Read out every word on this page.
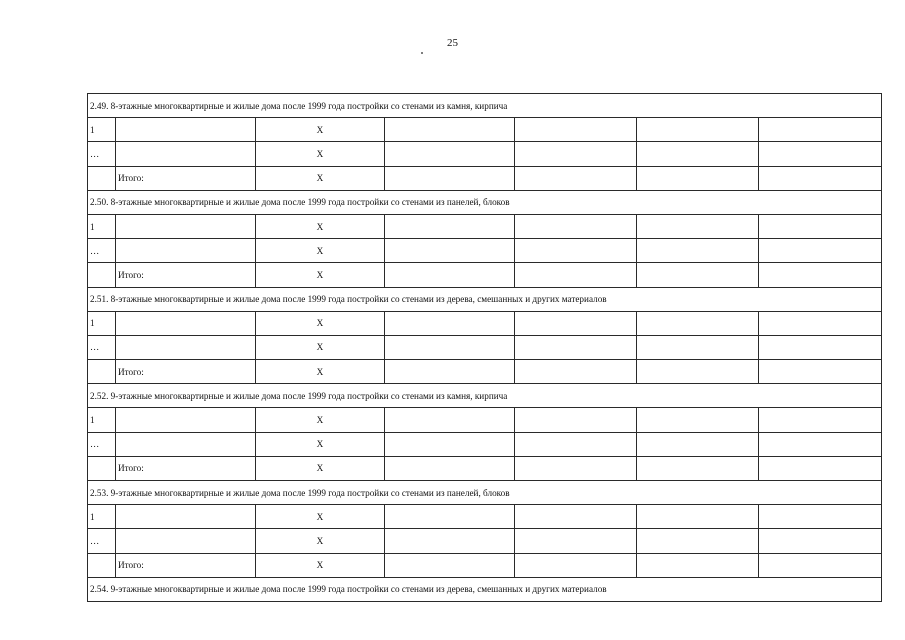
25
2.49. 8-этажные многоквартирные и жилые дома после 1999 года постройки со стенами из камня, кирпича						
1		X				
…		X				
	Итого:	X				
2.50. 8-этажные многоквартирные и жилые дома после 1999 года постройки со стенами из панелей, блоков						
1		X				
…		X				
	Итого:	X				
2.51. 8-этажные многоквартирные и жилые дома после 1999 года постройки со стенами из дерева, смешанных и других материалов						
1		X				
…		X				
	Итого:	X				
2.52. 9-этажные многоквартирные и жилые дома после 1999 года постройки со стенами из камня, кирпича						
1		X				
…		X				
	Итого:	X				
2.53. 9-этажные многоквартирные и жилые дома после 1999 года постройки со стенами из панелей, блоков						
1		X				
…		X				
	Итого:	X				
2.54. 9-этажные многоквартирные и жилые дома после 1999 года постройки со стенами из дерева, смешанных и других материалов						
